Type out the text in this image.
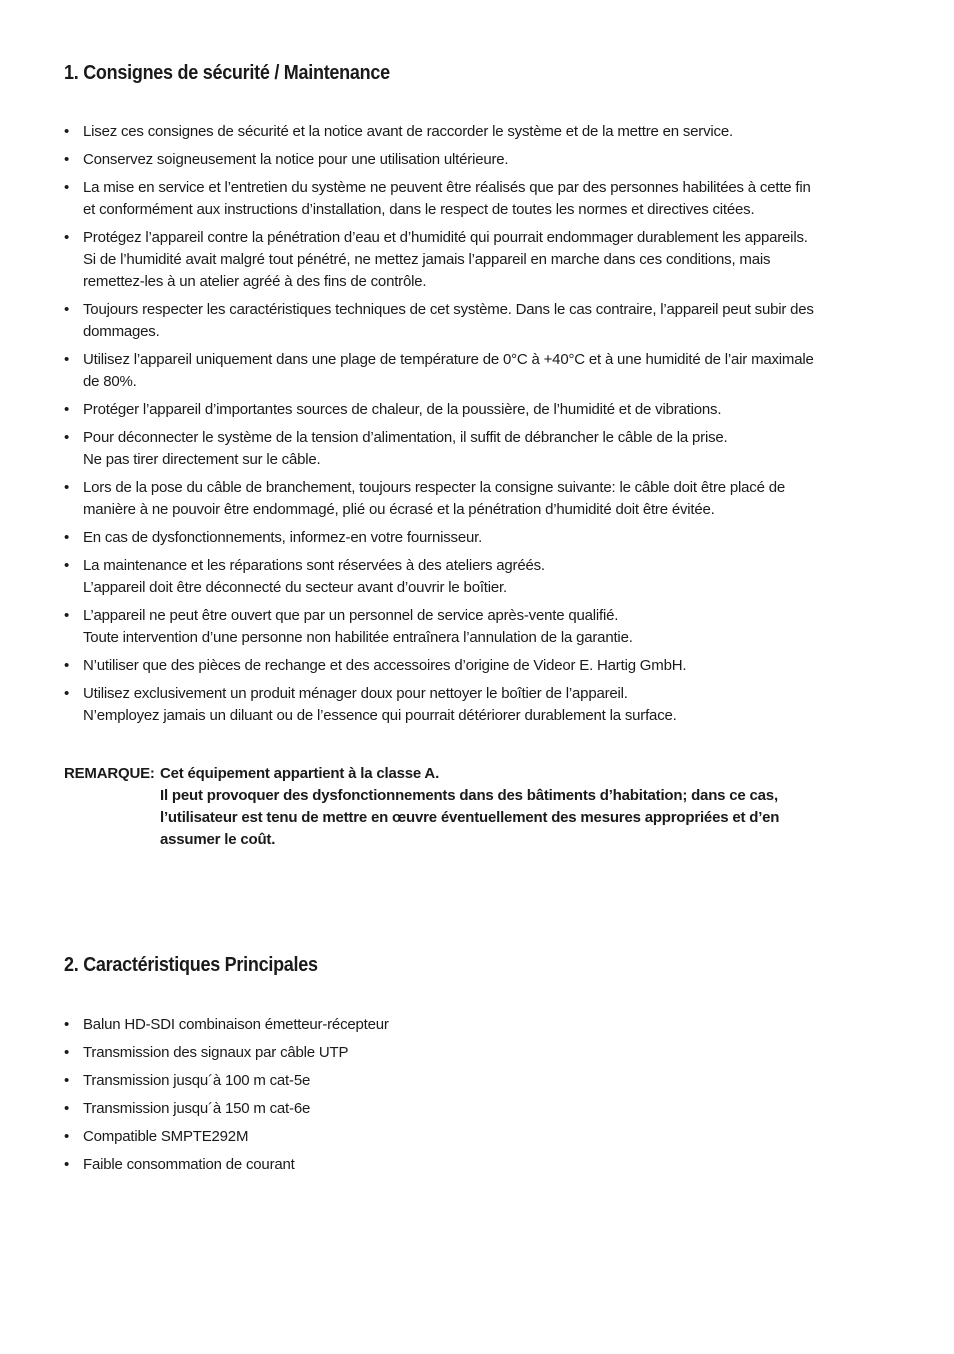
1. Consignes de sécurité / Maintenance
• Lisez ces consignes de sécurité et la notice avant de raccorder le système et de la mettre en service.
• Conservez soigneusement la notice pour une utilisation ultérieure.
• La mise en service et l’entretien du système ne peuvent être réalisés que par des personnes habilitées à cette fin
et conformément aux instructions d’installation, dans le respect de toutes les normes et directives citées.
• Protégez l’appareil contre la pénétration d’eau et d’humidité qui pourrait endommager durablement les appareils.
Si de l’humidité avait malgré tout pénétré, ne mettez jamais l’appareil en marche dans ces conditions, mais
remettez-les à un atelier agréé à des fins de contrôle.
• Toujours respecter les caractéristiques techniques de cet système. Dans le cas contraire, l’appareil peut subir des
dommages.
• Utilisez l’appareil uniquement dans une plage de température de 0°C à +40°C et à une humidité de l’air maximale
de 80%.
• Protéger l’appareil d’importantes sources de chaleur, de la poussière, de l’humidité et de vibrations.
• Pour déconnecter le système de la tension d’alimentation, il suffit de débrancher le câble de la prise.
Ne pas tirer directement sur le câble.
• Lors de la pose du câble de branchement, toujours respecter la consigne suivante: le câble doit être placé de
manière à ne pouvoir être endommagé, plié ou écrasé et la pénétration d’humidité doit être évitée.
• En cas de dysfonctionnements, informez-en votre fournisseur.
• La maintenance et les réparations sont réservées à des ateliers agréés.
L’appareil doit être déconnecté du secteur avant d’ouvrir le boîtier.
• L’appareil ne peut être ouvert que par un personnel de service après-vente qualifié.
Toute intervention d’une personne non habilitée entraînera l’annulation de la garantie.
• N’utiliser que des pièces de rechange et des accessoires d’origine de Videor E. Hartig GmbH.
• Utilisez exclusivement un produit ménager doux pour nettoyer le boîtier de l’appareil.
N’employez jamais un diluant ou de l’essence qui pourrait détériorer durablement la surface.
REMARQUE: Cet équipement appartient à la classe A.
Il peut provoquer des dysfonctionnements dans des bâtiments d’habitation; dans ce cas,
l’utilisateur est tenu de mettre en œuvre éventuellement des mesures appropriées et d’en
assumer le coût.
2. Caractéristiques Principales
• Balun HD-SDI combinaison émetteur-récepteur
• Transmission des signaux par câble UTP
• Transmission jusqu´à 100 m cat-5e
• Transmission jusqu´à 150 m cat-6e
• Compatible SMPTE292M
• Faible consommation de courant
